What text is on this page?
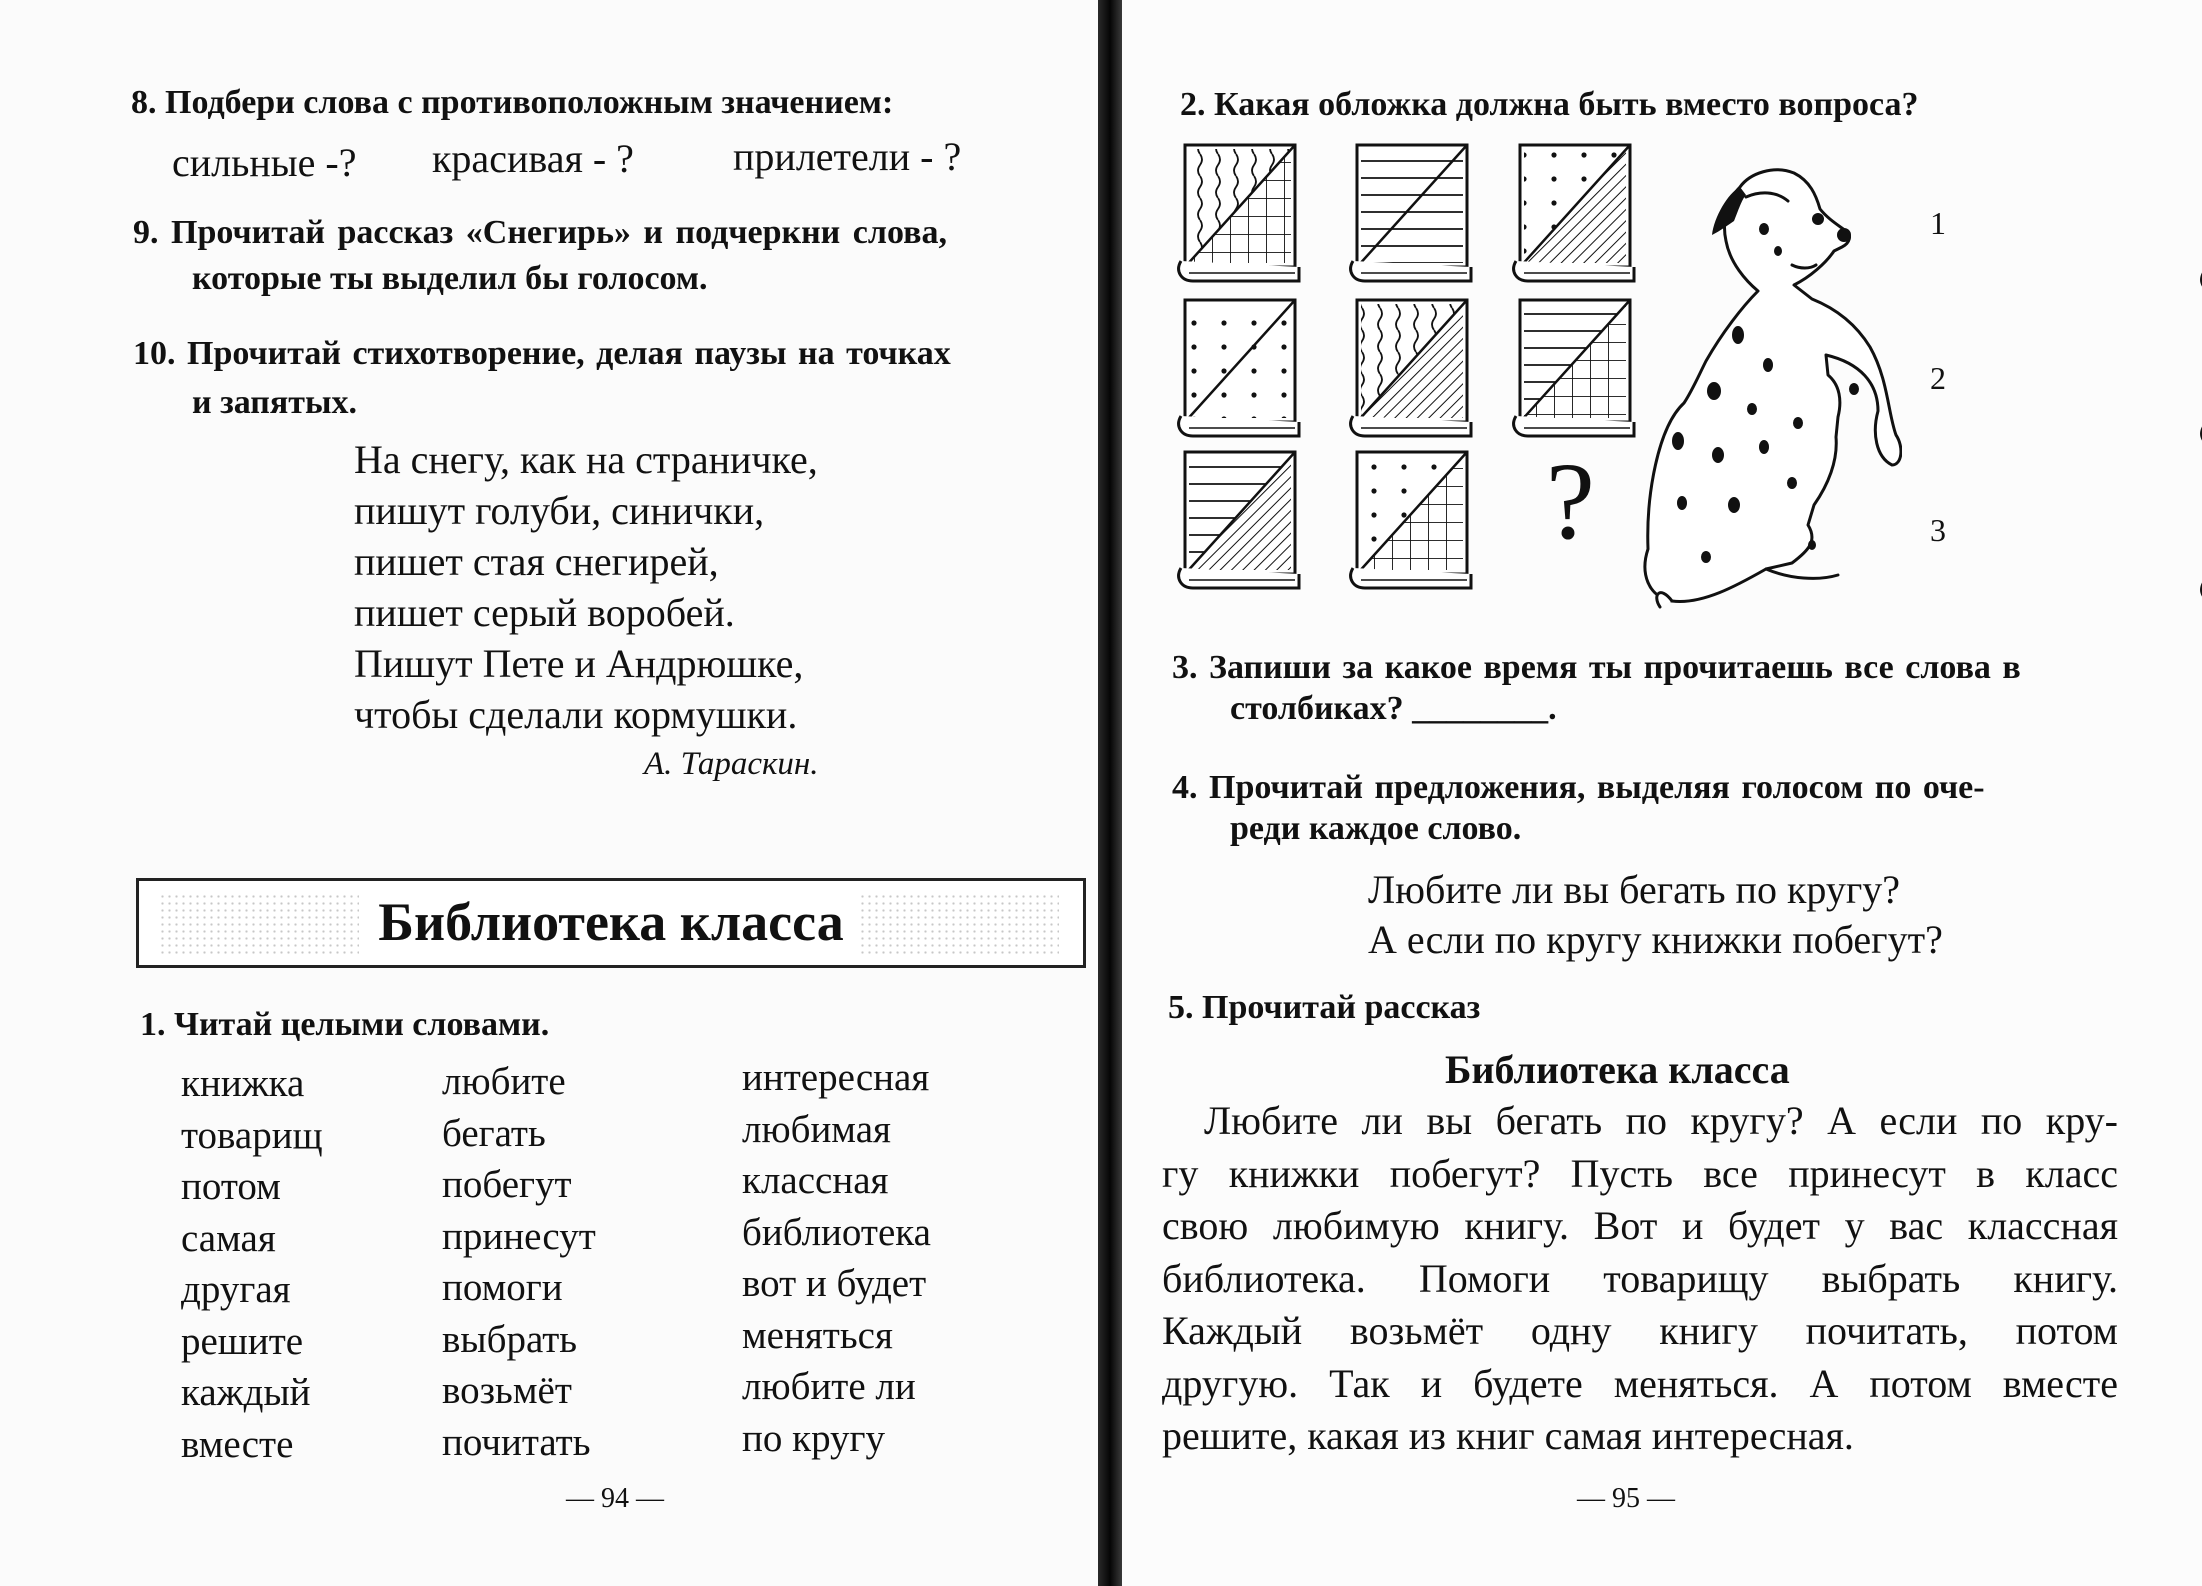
8. Подбери слова с противоположным значением:
сильные -? красивая - ? прилетели - ?
9. Прочитай рассказ «Снегирь» и подчеркни слова,
которые ты выделил бы голосом.
10. Прочитай стихотворение, делая паузы на точках
и запятых.
На снегу, как на страничке,
пишут голуби, синички,
пишет стая снегирей,
пишет серый воробей.
Пишут Пете и Андрюшке,
чтобы сделали кормушки.
А. Тараскин.
Библиотека класса
1. Читай целыми словами.
книжка
товарищ
потом
самая
другая
решите
каждый
вместе
любите
бегать
побегут
принесут
помоги
выбрать
возьмёт
почитать
интересная
любимая
классная
библиотека
вот и будет
меняться
любите ли
по кругу
— 94 —
2. Какая обложка должна быть вместо вопроса?
?
1
2
3
3. Запиши за какое время ты прочитаешь все слова в
столбиках? ________.
4. Прочитай предложения, выделяя голосом по оче-
реди каждое слово.
Любите ли вы бегать по кругу?
А если по кругу книжки побегут?
5. Прочитай рассказ
Библиотека класса
Любите ли вы бегать по кругу? А если по кру-
гу книжки побегут? Пусть все принесут в класс
свою любимую книгу. Вот и будет у вас классная
библиотека. Помоги товарищу выбрать книгу.
Каждый возьмёт одну книгу почитать, потом
другую. Так и будете меняться. А потом вместе
решите, какая из книг самая интересная.
— 95 —
